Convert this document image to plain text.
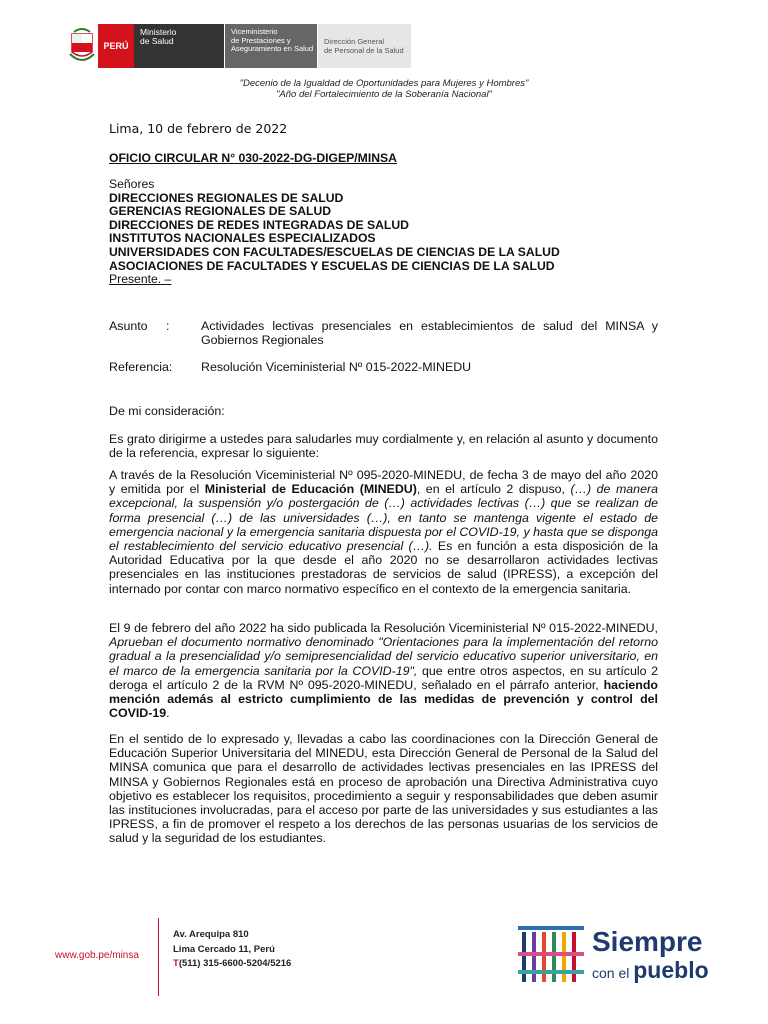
PERÚ
Ministerio
de Salud
Viceministerio
de Prestaciones y
Aseguramiento en Salud
Dirección General
de Personal de la Salud
"Decenio de la Igualdad de Oportunidades para Mujeres y Hombres"
"Año del Fortalecimiento de la Soberanía Nacional"
Lima, 10 de febrero de 2022
OFICIO CIRCULAR N° 030-2022-DG-DIGEP/MINSA
Señores
DIRECCIONES REGIONALES DE SALUD
GERENCIAS REGIONALES DE SALUD
DIRECCIONES DE REDES INTEGRADAS DE SALUD
INSTITUTOS NACIONALES ESPECIALIZADOS
UNIVERSIDADES CON FACULTADES/ESCUELAS DE CIENCIAS DE LA SALUD
ASOCIACIONES DE FACULTADES Y ESCUELAS DE CIENCIAS DE LA SALUD
Presente. –
Asunto :	Actividades lectivas presenciales en establecimientos de salud del MINSA y Gobiernos Regionales
Referencia: Resolución Viceministerial Nº 015-2022-MINEDU
De mi consideración:
Es grato dirigirme a ustedes para saludarles muy cordialmente y, en relación al asunto y documento de la referencia, expresar lo siguiente:
A través de la Resolución Viceministerial Nº 095-2020-MINEDU, de fecha 3 de mayo del año 2020 y emitida por el Ministerial de Educación (MINEDU), en el artículo 2 dispuso, (…) de manera excepcional, la suspensión y/o postergación de (…) actividades lectivas (…) que se realizan de forma presencial (…) de las universidades (…), en tanto se mantenga vigente el estado de emergencia nacional y la emergencia sanitaria dispuesta por el COVID-19, y hasta que se disponga el restablecimiento del servicio educativo presencial (…). Es en función a esta disposición de la Autoridad Educativa por la que desde el año 2020 no se desarrollaron actividades lectivas presenciales en las instituciones prestadoras de servicios de salud (IPRESS), a excepción del internado por contar con marco normativo específico en el contexto de la emergencia sanitaria.
El 9 de febrero del año 2022 ha sido publicada la Resolución Viceministerial Nº 015-2022-MINEDU, Aprueban el documento normativo denominado "Orientaciones para la implementación del retorno gradual a la presencialidad y/o semipresencialidad del servicio educativo superior universitario, en el marco de la emergencia sanitaria por la COVID-19", que entre otros aspectos, en su artículo 2 deroga el artículo 2 de la RVM Nº 095-2020-MINEDU, señalado en el párrafo anterior, haciendo mención además al estricto cumplimiento de las medidas de prevención y control del COVID-19.
En el sentido de lo expresado y, llevadas a cabo las coordinaciones con la Dirección General de Educación Superior Universitaria del MINEDU, esta Dirección General de Personal de la Salud del MINSA comunica que para el desarrollo de actividades lectivas presenciales en las IPRESS del MINSA y Gobiernos Regionales está en proceso de aprobación una Directiva Administrativa cuyo objetivo es establecer los requisitos, procedimiento a seguir y responsabilidades que deben asumir las instituciones involucradas, para el acceso por parte de las universidades y sus estudiantes a las IPRESS, a fin de promover el respeto a los derechos de las personas usuarias de los servicios de salud y la seguridad de los estudiantes.
www.gob.pe/minsa
Av. Arequipa 810
Lima Cercado 11, Perú
T(511) 315-6600-5204/5216
Siempre
con el pueblo
